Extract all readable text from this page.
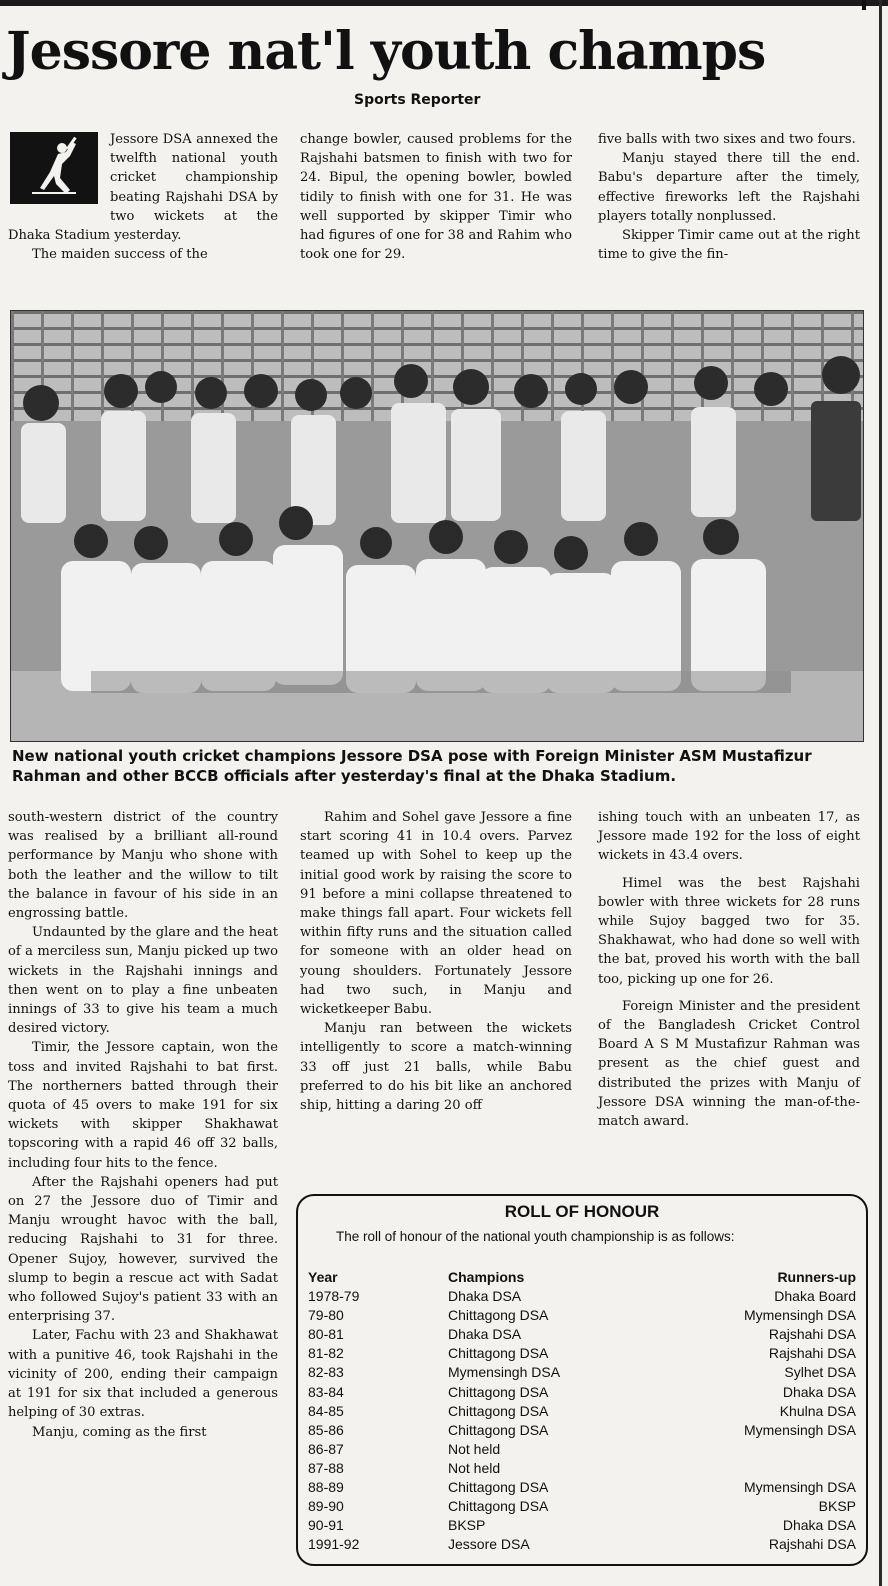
Jessore nat'l youth champs
Sports Reporter

Jessore DSA annexed the twelfth national youth cricket championship beating Rajshahi DSA by two wickets at the Dhaka Stadium yesterday.

The maiden success of the

change bowler, caused problems for the Rajshahi batsmen to finish with two for 24. Bipul, the opening bowler, bowled tidily to finish with one for 31. He was well supported by skipper Timir who had figures of one for 38 and Rahim who took one for 29.

five balls with two sixes and two fours.

Manju stayed there till the end. Babu's departure after the timely, effective fireworks left the Rajshahi players totally nonplussed.

Skipper Timir came out at the right time to give the fin-

New national youth cricket champions Jessore DSA pose with Foreign Minister ASM Mustafizur Rahman and other BCCB officials after yesterday's final at the Dhaka Stadium.

south-western district of the country was realised by a brilliant all-round performance by Manju who shone with both the leather and the willow to tilt the balance in favour of his side in an engrossing battle.

Undaunted by the glare and the heat of a merciless sun, Manju picked up two wickets in the Rajshahi innings and then went on to play a fine unbeaten innings of 33 to give his team a much desired victory.

Timir, the Jessore captain, won the toss and invited Rajshahi to bat first. The northerners batted through their quota of 45 overs to make 191 for six wickets with skipper Shakhawat topscoring with a rapid 46 off 32 balls, including four hits to the fence.

After the Rajshahi openers had put on 27 the Jessore duo of Timir and Manju wrought havoc with the ball, reducing Rajshahi to 31 for three. Opener Sujoy, however, survived the slump to begin a rescue act with Sadat who followed Sujoy's patient 33 with an enterprising 37.

Later, Fachu with 23 and Shakhawat with a punitive 46, took Rajshahi in the vicinity of 200, ending their campaign at 191 for six that included a generous helping of 30 extras.

Manju, coming as the first

Rahim and Sohel gave Jessore a fine start scoring 41 in 10.4 overs. Parvez teamed up with Sohel to keep up the initial good work by raising the score to 91 before a mini collapse threatened to make things fall apart. Four wickets fell within fifty runs and the situation called for someone with an older head on young shoulders. Fortunately Jessore had two such, in Manju and wicketkeeper Babu.

Manju ran between the wickets intelligently to score a match-winning 33 off just 21 balls, while Babu preferred to do his bit like an anchored ship, hitting a daring 20 off

ishing touch with an unbeaten 17, as Jessore made 192 for the loss of eight wickets in 43.4 overs.

Himel was the best Rajshahi bowler with three wickets for 28 runs while Sujoy bagged two for 35. Shakhawat, who had done so well with the bat, proved his worth with the ball too, picking up one for 26.

Foreign Minister and the president of the Bangladesh Cricket Control Board A S M Mustafizur Rahman was present as the chief guest and distributed the prizes with Manju of Jessore DSA winning the man-of-the-match award.

ROLL OF HONOUR

The roll of honour of the national youth championship is as follows:

Year	Champions	Runners-up
1978-79	Dhaka DSA	Dhaka Board
79-80	Chittagong DSA	Mymensingh DSA
80-81	Dhaka DSA	Rajshahi DSA
81-82	Chittagong DSA	Rajshahi DSA
82-83	Mymensingh DSA	Sylhet DSA
83-84	Chittagong DSA	Dhaka DSA
84-85	Chittagong DSA	Khulna DSA
85-86	Chittagong DSA	Mymensingh DSA
86-87	Not held	
87-88	Not held	
88-89	Chittagong DSA	Mymensingh DSA
89-90	Chittagong DSA	BKSP
90-91	BKSP	Dhaka DSA
1991-92	Jessore DSA	Rajshahi DSA
